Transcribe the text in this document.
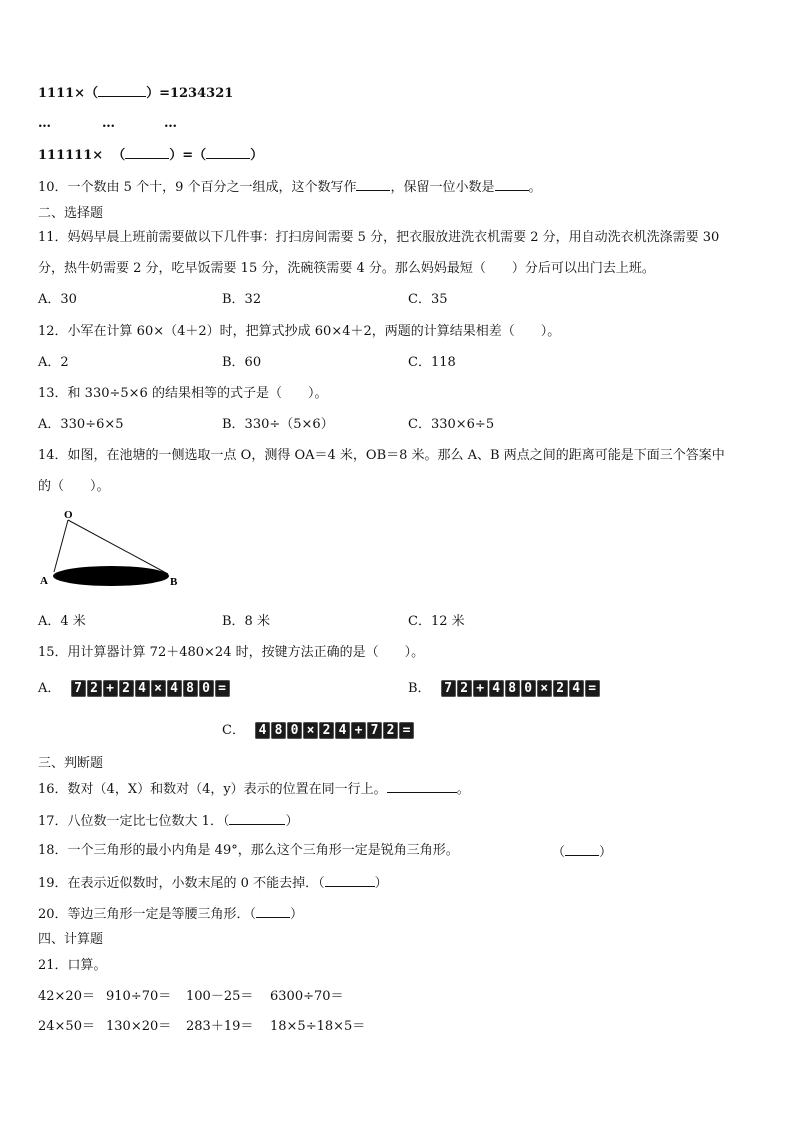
1111×（	）=1234321
…	…	…
111111× （	）=（	）
10．一个数由 5 个十，9 个百分之一组成，这个数写作	，保留一位小数是	。
二、选择题
11．妈妈早晨上班前需要做以下几件事：打扫房间需要 5 分，把衣服放进洗衣机需要 2 分，用自动洗衣机洗涤需要 30
分，热牛奶需要 2 分，吃早饭需要 15 分，洗碗筷需要 4 分。那么妈妈最短（　　）分后可以出门去上班。
A．30	B．32	C．35
12．小军在计算 60×（4＋2）时，把算式抄成 60×4＋2，两题的计算结果相差（　　）。
A．2	B．60	C．118
13．和 330÷5×6 的结果相等的式子是（　　）。
A．330÷6×5	B．330÷（5×6）	C．330×6÷5
14．如图，在池塘的一侧选取一点 O，测得 OA＝4 米，OB＝8 米。那么 A、B 两点之间的距离可能是下面三个答案中
的（　　）。
O
A	B
A．4 米	B．8 米	C．12 米
15．用计算器计算 72＋480×24 时，按键方法正确的是（　　）。
A． 7 2 + 2 4 × 4 8 0 =	B． 7 2 + 4 8 0 × 2 4 =
C． 4 8 0 × 2 4 + 7 2 =
三、判断题
16．数对（4，X）和数对（4，y）表示的位置在同一行上。	。
17．八位数一定比七位数大 1．（	）
18．一个三角形的最小内角是 49°，那么这个三角形一定是锐角三角形。	（	）
19．在表示近似数时，小数末尾的 0 不能去掉．（	）
20．等边三角形一定是等腰三角形．（	）
四、计算题
21．口算。
42×20＝ 910÷70＝ 100－25＝ 6300÷70＝
24×50＝ 130×20＝ 283＋19＝ 18×5÷18×5＝
